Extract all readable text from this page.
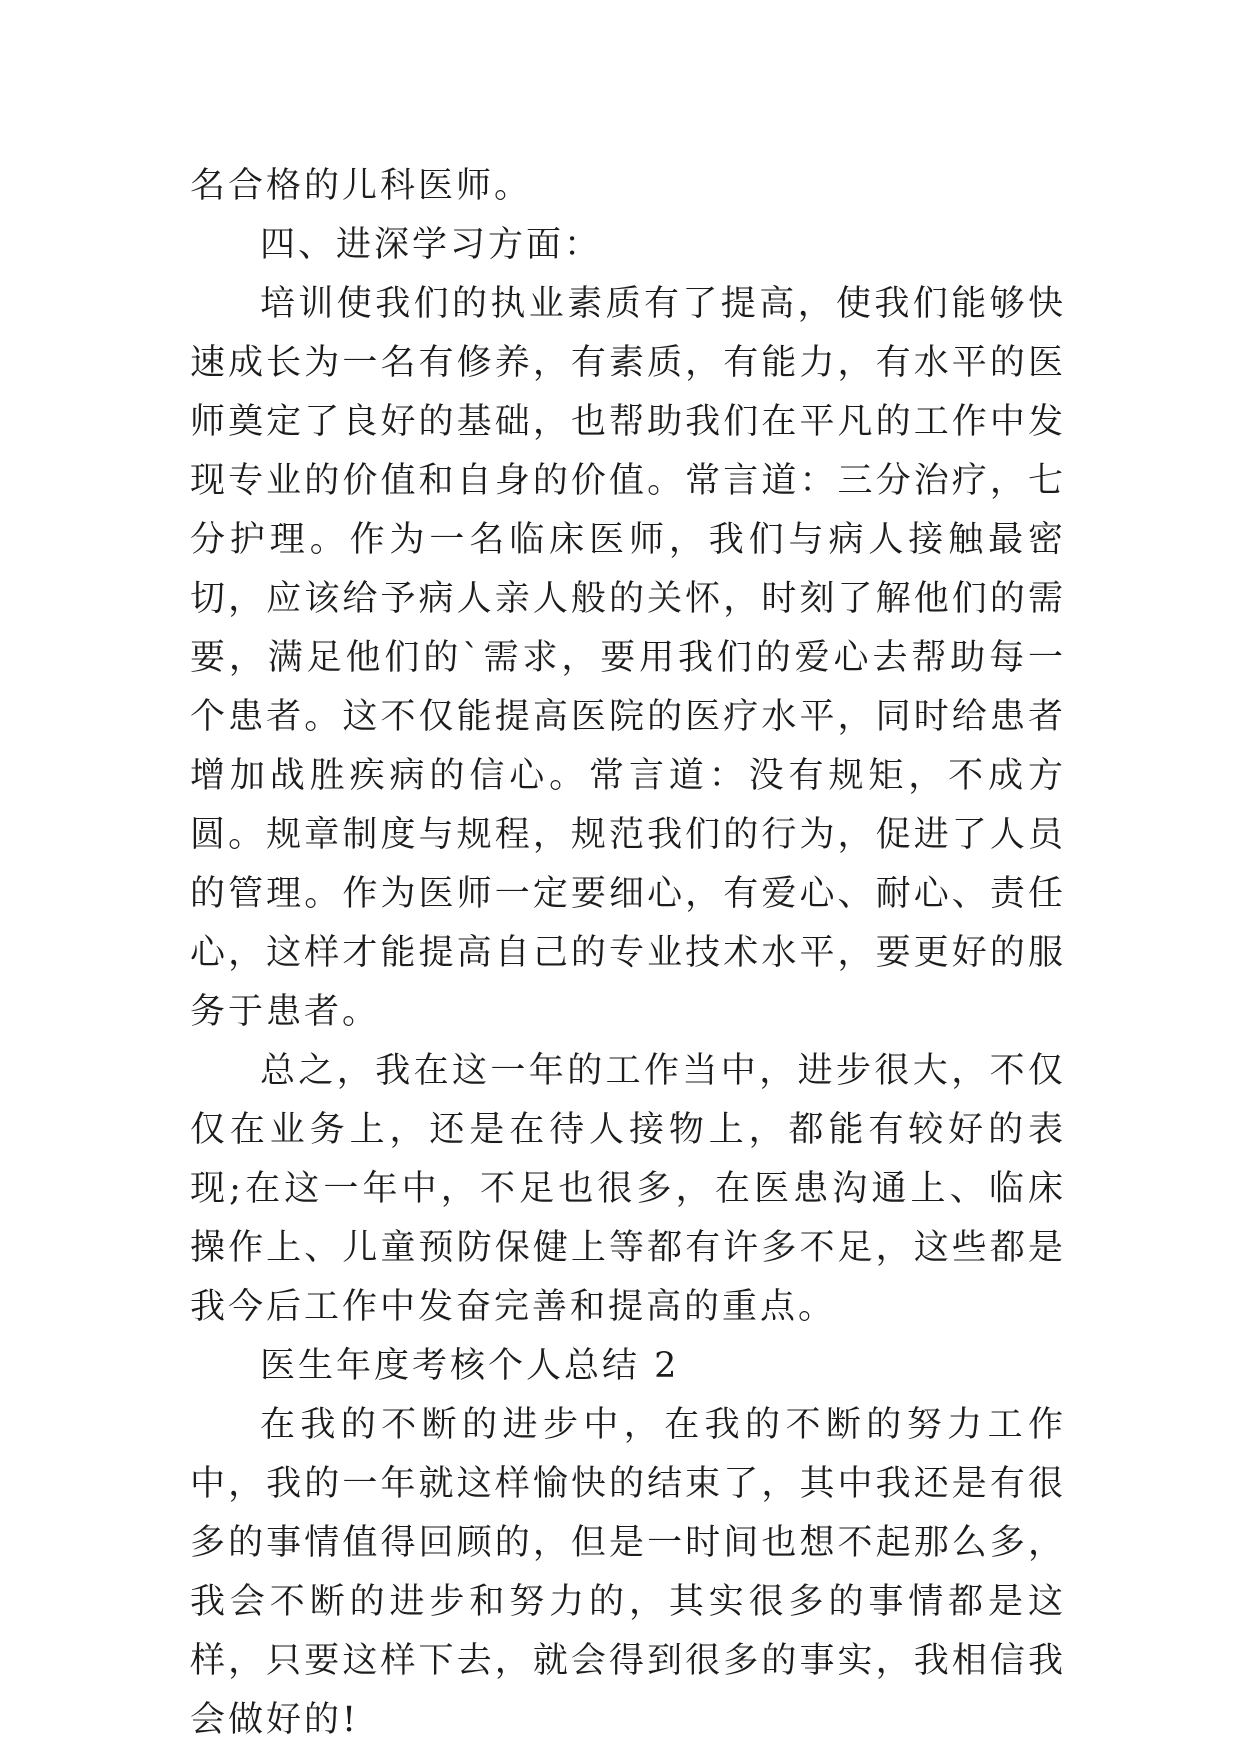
名合格的儿科医师。

四、进深学习方面：

培训使我们的执业素质有了提高，使我们能够快速成长为一名有修养，有素质，有能力，有水平的医师奠定了良好的基础，也帮助我们在平凡的工作中发现专业的价值和自身的价值。常言道：三分治疗，七分护理。作为一名临床医师，我们与病人接触最密切，应该给予病人亲人般的关怀，时刻了解他们的需要，满足他们的`需求，要用我们的爱心去帮助每一个患者。这不仅能提高医院的医疗水平，同时给患者增加战胜疾病的信心。常言道：没有规矩，不成方圆。规章制度与规程，规范我们的行为，促进了人员的管理。作为医师一定要细心，有爱心、耐心、责任心，这样才能提高自己的专业技术水平，要更好的服务于患者。

总之，我在这一年的工作当中，进步很大，不仅仅在业务上，还是在待人接物上，都能有较好的表现;在这一年中，不足也很多，在医患沟通上、临床操作上、儿童预防保健上等都有许多不足，这些都是我今后工作中发奋完善和提高的重点。

医生年度考核个人总结 2

在我的不断的进步中，在我的不断的努力工作中，我的一年就这样愉快的结束了，其中我还是有很多的事情值得回顾的，但是一时间也想不起那么多，我会不断的进步和努力的，其实很多的事情都是这样，只要这样下去，就会得到很多的事实，我相信我会做好的!
